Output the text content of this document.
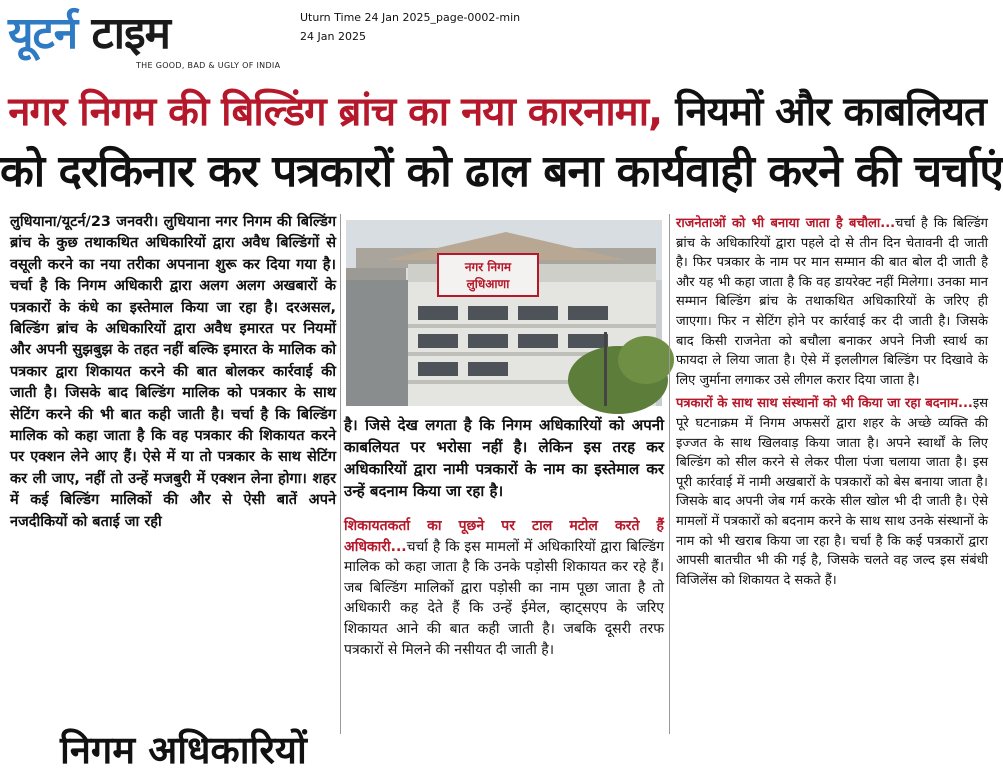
यूटर्न टाइम
THE GOOD, BAD & UGLY OF INDIA
Uturn Time 24 Jan 2025_page-0002-min
24 Jan 2025
नगर निगम की बिल्डिंग ब्रांच का नया कारनामा, नियमों और काबलियत
को दरकिनार कर पत्रकारों को ढाल बना कार्यवाही करने की चर्चाएं

लुधियाना/यूटर्न/23 जनवरी। लुधियाना नगर निगम की बिल्डिंग ब्रांच के कुछ तथाकथित अधिकारियों द्वारा अवैध बिल्डिंगों से वसूली करने का नया तरीका अपनाना शुरू कर दिया गया है। चर्चा है कि निगम अधिकारी द्वारा अलग अलग अखबारों के पत्रकारों के कंधे का इस्तेमाल किया जा रहा है। दरअसल, बिल्डिंग ब्रांच के अधिकारियों द्वारा अवैध इमारत पर नियमों और अपनी सुझबुझ के तहत नहीं बल्कि इमारत के मालिक को पत्रकार द्वारा शिकायत करने की बात बोलकर कार्रवाई की जाती है। जिसके बाद बिल्डिंग मालिक को पत्रकार के साथ सेटिंग करने की भी बात कही जाती है। चर्चा है कि बिल्डिंग मालिक को कहा जाता है कि वह पत्रकार की शिकायत करने पर एक्शन लेने आए हैं। ऐसे में या तो पत्रकार के साथ सेटिंग कर ली जाए, नहीं तो उन्हें मजबुरी में एक्शन लेना होगा। शहर में कई बिल्डिंग मालिकों की और से ऐसी बातें अपने नजदीकियों को बताई जा रही

नगर निगम
लुधिआणा

है। जिसे देख लगता है कि निगम अधिकारियों को अपनी काबलियत पर भरोसा नहीं है। लेकिन इस तरह कर अधिकारियों द्वारा नामी पत्रकारों के नाम का इस्तेमाल कर उन्हें बदनाम किया जा रहा है।

शिकायतकर्ता का पूछने पर टाल मटोल करते हैं अधिकारी...चर्चा है कि इस मामलों में अधिकारियों द्वारा बिल्डिंग मालिक को कहा जाता है कि उनके पड़ोसी शिकायत कर रहे हैं। जब बिल्डिंग मालिकों द्वारा पड़ोसी का नाम पूछा जाता है तो अधिकारी कह देते हैं कि उन्हें ईमेल, व्हाट्सएप के जरिए शिकायत आने की बात कही जाती है। जबकि दूसरी तरफ पत्रकारों से मिलने की नसीयत दी जाती है।

राजनेताओं को भी बनाया जाता है बचौला...चर्चा है कि बिल्डिंग ब्रांच के अधिकारियों द्वारा पहले दो से तीन दिन चेतावनी दी जाती है। फिर पत्रकार के नाम पर मान सम्मान की बात बोल दी जाती है और यह भी कहा जाता है कि वह डायरेक्ट नहीं मिलेगा। उनका मान सम्मान बिल्डिंग ब्रांच के तथाकथित अधिकारियों के जरिए ही जाएगा। फिर न सेटिंग होने पर कार्रवाई कर दी जाती है। जिसके बाद किसी राजनेता को बचौला बनाकर अपने निजी स्वार्थ का फायदा ले लिया जाता है। ऐसे में इललीगल बिल्डिंग पर दिखावे के लिए जुर्माना लगाकर उसे लीगल करार दिया जाता है।

पत्रकारों के साथ साथ संस्थानों को भी किया जा रहा बदनाम...इस पूरे घटनाक्रम में निगम अफसरों द्वारा शहर के अच्छे व्यक्ति की इज्जत के साथ खिलवाड़ किया जाता है। अपने स्वार्थों के लिए बिल्डिंग को सील करने से लेकर पीला पंजा चलाया जाता है। इस पूरी कार्रवाई में नामी अखबारों के पत्रकारों को बेस बनाया जाता है। जिसके बाद अपनी जेब गर्म करके सील खोल भी दी जाती है। ऐसे मामलों में पत्रकारों को बदनाम करने के साथ साथ उनके संस्थानों के नाम को भी खराब किया जा रहा है। चर्चा है कि कई पत्रकारों द्वारा आपसी बातचीत भी की गई है, जिसके चलते वह जल्द इस संबंधी विजिलेंस को शिकायत दे सकते हैं।

निगम अधिकारियों
